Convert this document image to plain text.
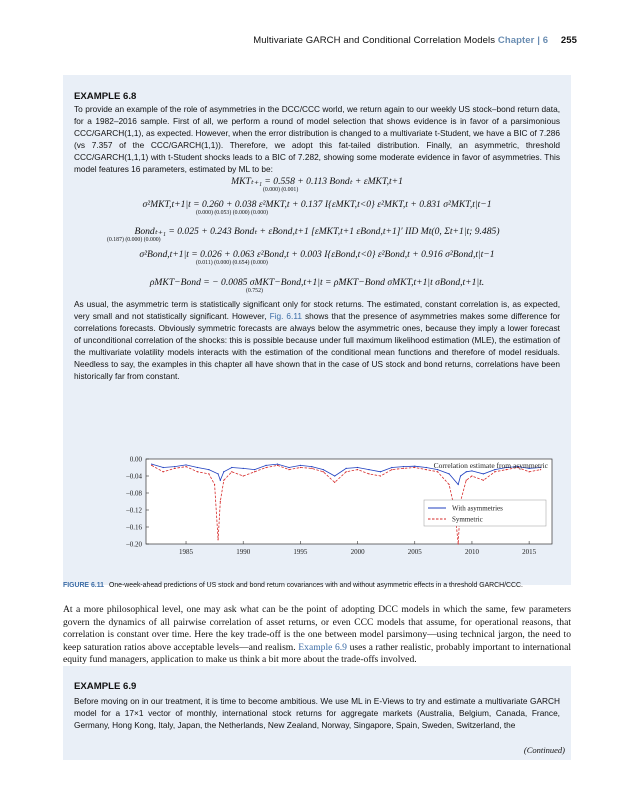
Multivariate GARCH and Conditional Correlation Models Chapter | 6 255
EXAMPLE 6.8
To provide an example of the role of asymmetries in the DCC/CCC world, we return again to our weekly US stock–bond return data, for a 1982–2016 sample. First of all, we perform a round of model selection that shows evidence is in favor of a parsimonious CCC/GARCH(1,1), as expected. However, when the error distribution is changed to a multivariate t-Student, we have a BIC of 7.286 (vs 7.357 of the CCC/GARCH(1,1)). Therefore, we adopt this fat-tailed distribution. Finally, an asymmetric, threshold CCC/GARCH(1,1,1) with t-Student shocks leads to a BIC of 7.282, showing some moderate evidence in favor of asymmetries. This model features 16 parameters, estimated by ML to be:
MKTₜ₊₁ = 0.558 + 0.113 Bondₜ + εMKT,t+1
(0.000) (0.001)
σ²MKT,t+1|t = 0.260 + 0.038 ε²MKT,t + 0.137 I{εMKT,t<0} ε²MKT,t + 0.831 σ²MKT,t|t−1
(0.000) (0.053) (0.000) (0.000)
Bondₜ₊₁ = 0.025 + 0.243 Bondₜ + εBond,t+1 [εMKT,t+1 εBond,t+1]′ IID Mt(0, Σt+1|t; 9.485)
(0.187) (0.000) (0.000)
σ²Bond,t+1|t = 0.026 + 0.063 ε²Bond,t + 0.003 I{εBond,t<0} ε²Bond,t + 0.916 σ²Bond,t|t−1
(0.011) (0.000) (0.654) (0.000)
ρMKT−Bond = − 0.0085 σMKT−Bond,t+1|t = ρ̂MKT−Bond σMKT,t+1|t σBond,t+1|t.
(0.752)
As usual, the asymmetric term is statistically significant only for stock returns. The estimated, constant correlation is, as expected, very small and not statistically significant. However, Fig. 6.11 shows that the presence of asymmetries makes some difference for correlations forecasts. Obviously symmetric forecasts are always below the asymmetric ones, because they imply a lower forecast of unconditional correlation of the shocks: this is possible because under full maximum likelihood estimation (MLE), the estimation of the multivariate volatility models interacts with the estimation of the conditional mean functions and therefore of model residuals. Needless to say, the examples in this chapter all have shown that in the case of US stock and bond returns, correlations have been historically far from constant.
0.00
–0.04
–0.08
–0.12
–0.16
–0.20
1985	1990	1995	2000	2005	2010	2015
Correlation estimate from asymmetric
With asymmetries
Symmetric
FIGURE 6.11 One-week-ahead predictions of US stock and bond return covariances with and without asymmetric effects in a threshold GARCH/CCC.
At a more philosophical level, one may ask what can be the point of adopting DCC models in which the same, few parameters govern the dynamics of all pairwise correlation of asset returns, or even CCC models that assume, for operational reasons, that correlation is constant over time. Here the key trade-off is the one between model parsimony—using technical jargon, the need to keep saturation ratios above acceptable levels—and realism. Example 6.9 uses a rather realistic, probably important to international equity fund managers, application to make us think a bit more about the trade-offs involved.
EXAMPLE 6.9
Before moving on in our treatment, it is time to become ambitious. We use ML in E-Views to try and estimate a multivariate GARCH model for a 17×1 vector of monthly, international stock returns for aggregate markets (Australia, Belgium, Canada, France, Germany, Hong Kong, Italy, Japan, the Netherlands, New Zealand, Norway, Singapore, Spain, Sweden, Switzerland, the
(Continued)
